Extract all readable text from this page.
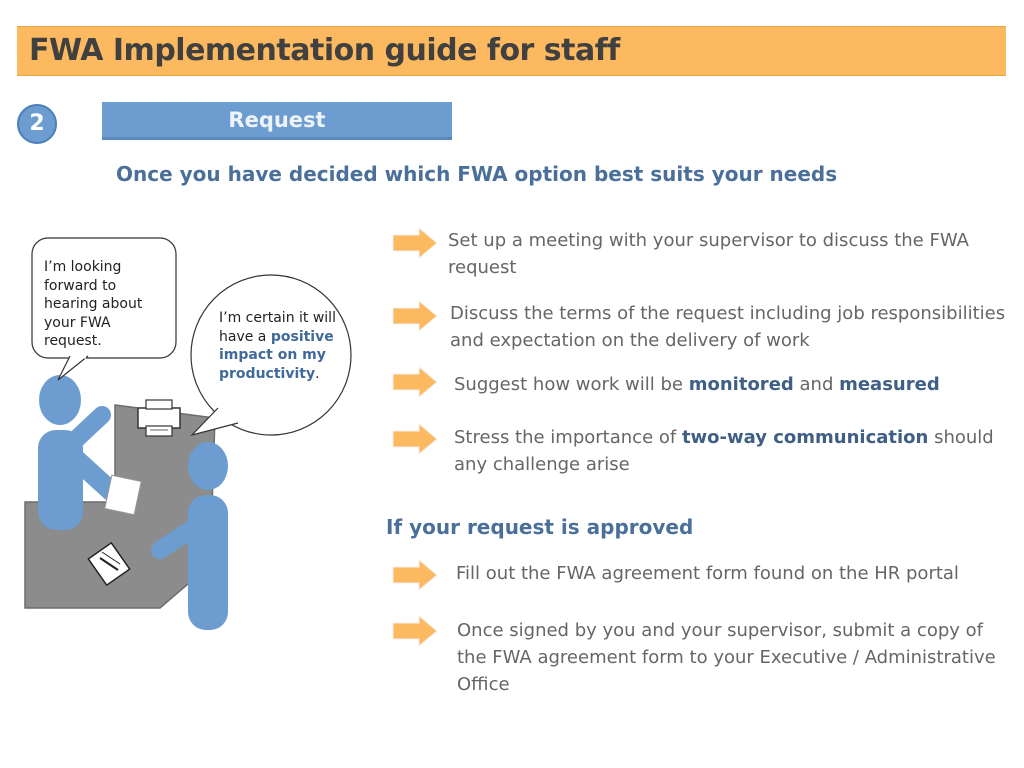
FWA Implementation guide for staff
2	Request
Once you have decided which FWA option best suits your needs
I’m looking forward to hearing about your FWA request.
I’m certain it will have a positive impact on my productivity.
Set up a meeting with your supervisor to discuss the FWA request
Discuss the terms of the request including job responsibilities and expectation on the delivery of work
Suggest how work will be monitored and measured
Stress the importance of two-way communication should any challenge arise
If your request is approved
Fill out the FWA agreement form found on the HR portal
Once signed by you and your supervisor, submit a copy of the FWA agreement form to your Executive / Administrative Office
